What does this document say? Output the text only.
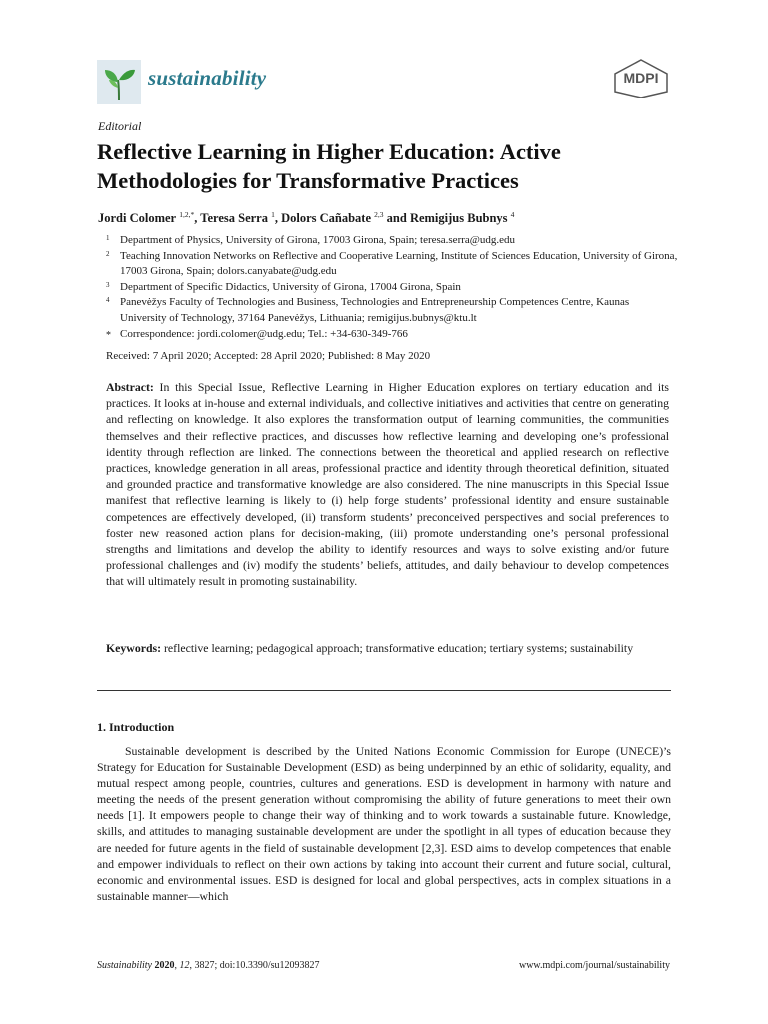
sustainability	MDPI
Editorial
Reflective Learning in Higher Education: Active Methodologies for Transformative Practices
Jordi Colomer $^{1,2,*}$, Teresa Serra $^1$, Dolors Cañabate $^{2,3}$ and Remigijus Bubnys $^4$
1 Department of Physics, University of Girona, 17003 Girona, Spain; teresa.serra@udg.edu
2 Teaching Innovation Networks on Reflective and Cooperative Learning, Institute of Sciences Education, University of Girona, 17003 Girona, Spain; dolors.canyabate@udg.edu
3 Department of Specific Didactics, University of Girona, 17004 Girona, Spain
4 Panevėžys Faculty of Technologies and Business, Technologies and Entrepreneurship Competences Centre, Kaunas University of Technology, 37164 Panevėžys, Lithuania; remigijus.bubnys@ktu.lt
* Correspondence: jordi.colomer@udg.edu; Tel.: +34-630-349-766
Received: 7 April 2020; Accepted: 28 April 2020; Published: 8 May 2020
Abstract: In this Special Issue, Reflective Learning in Higher Education explores on tertiary education and its practices. It looks at in-house and external individuals, and collective initiatives and activities that centre on generating and reflecting on knowledge. It also explores the transformation output of learning communities, the communities themselves and their reflective practices, and discusses how reflective learning and developing one’s professional identity through reflection are linked. The connections between the theoretical and applied research on reflective practices, knowledge generation in all areas, professional practice and identity through theoretical definition, situated and grounded practice and transformative knowledge are also considered. The nine manuscripts in this Special Issue manifest that reflective learning is likely to (i) help forge students’ professional identity and ensure sustainable competences are effectively developed, (ii) transform students’ preconceived perspectives and social preferences to foster new reasoned action plans for decision-making, (iii) promote understanding one’s personal professional strengths and limitations and develop the ability to identify resources and ways to solve existing and/or future professional challenges and (iv) modify the students’ beliefs, attitudes, and daily behaviour to develop competences that will ultimately result in promoting sustainability.
Keywords: reflective learning; pedagogical approach; transformative education; tertiary systems; sustainability
1. Introduction
Sustainable development is described by the United Nations Economic Commission for Europe (UNECE)’s Strategy for Education for Sustainable Development (ESD) as being underpinned by an ethic of solidarity, equality, and mutual respect among people, countries, cultures and generations. ESD is development in harmony with nature and meeting the needs of the present generation without compromising the ability of future generations to meet their own needs [1]. It empowers people to change their way of thinking and to work towards a sustainable future. Knowledge, skills, and attitudes to managing sustainable development are under the spotlight in all types of education because they are needed for future agents in the field of sustainable development [2,3]. ESD aims to develop competences that enable and empower individuals to reflect on their own actions by taking into account their current and future social, cultural, economic and environmental issues. ESD is designed for local and global perspectives, acts in complex situations in a sustainable manner—which
Sustainability 2020, 12, 3827; doi:10.3390/su12093827	www.mdpi.com/journal/sustainability
